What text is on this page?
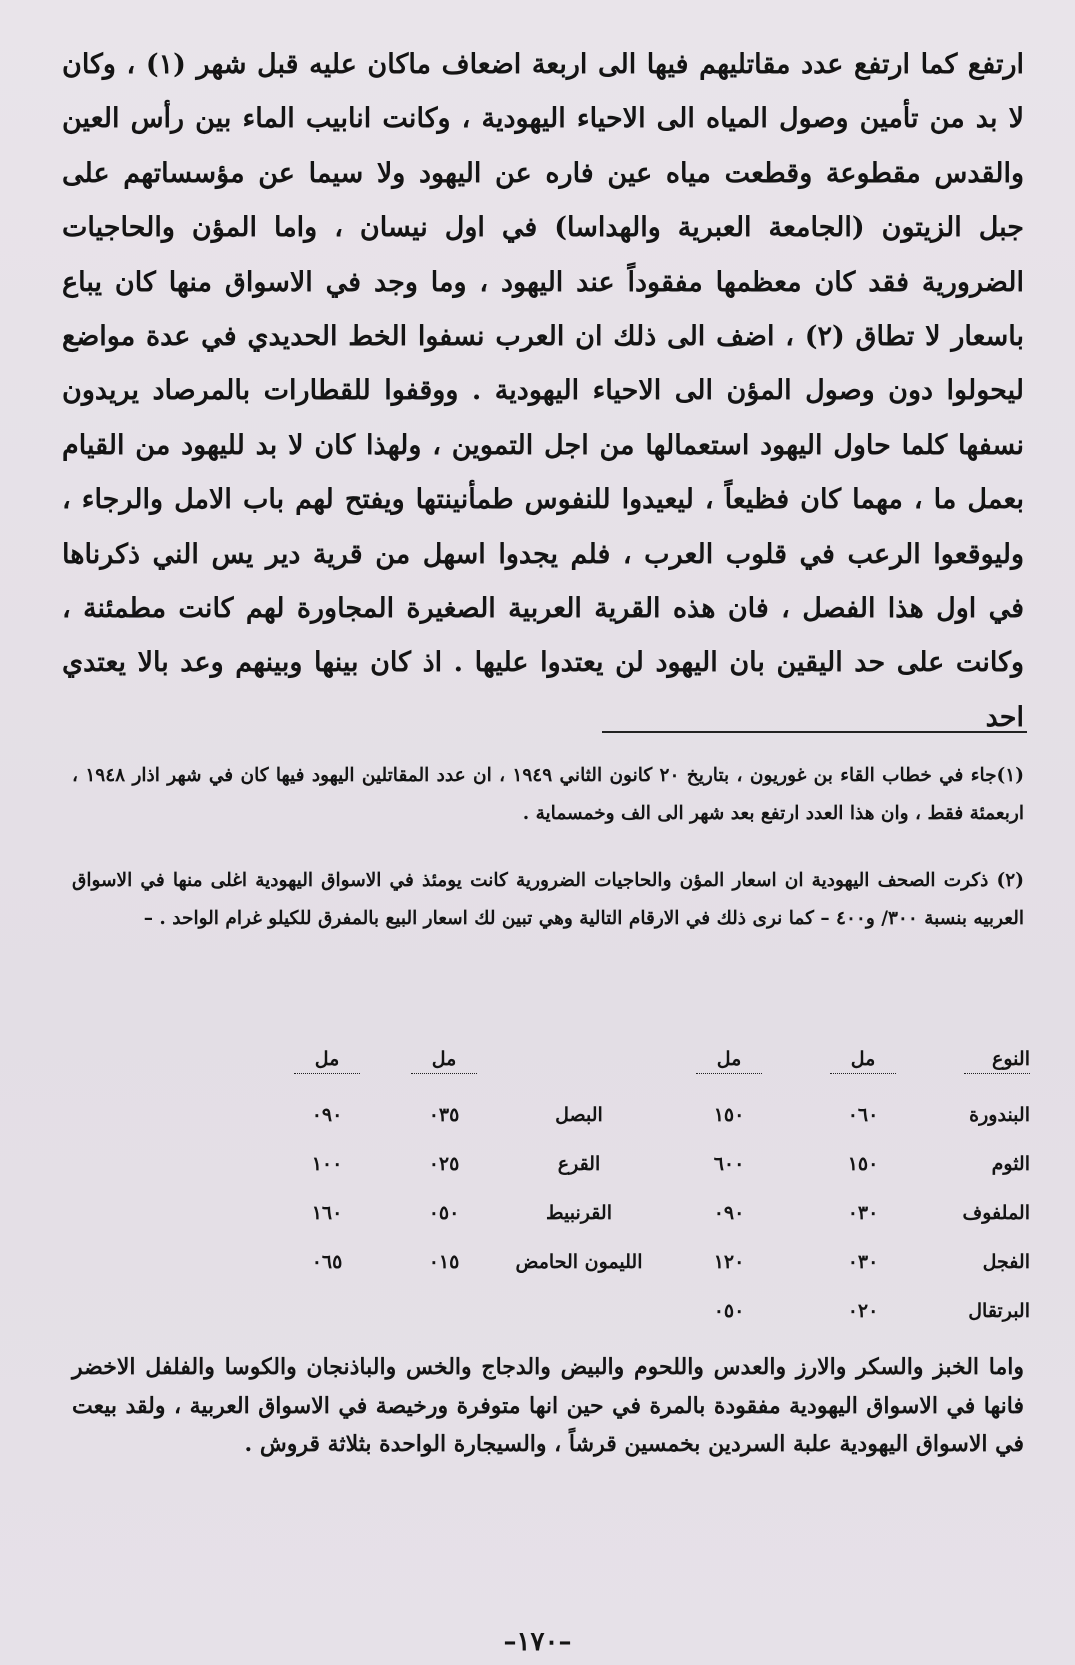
ارتفع كما ارتفع عدد مقاتليهم فيها الى اربعة اضعاف ماكان عليه قبل شهر (١) ، وكان لا بد من تأمين وصول المياه الى الاحياء اليهودية ، وكانت انابيب الماء بين رأس العين والقدس مقطوعة وقطعت مياه عين فاره عن اليهود ولا سيما عن مؤسساتهم على جبل الزيتون (الجامعة العبرية والهداسا) في اول نيسان ، واما المؤن والحاجيات الضرورية فقد كان معظمها مفقوداً عند اليهود ، وما وجد في الاسواق منها كان يباع باسعار لا تطاق (٢) ، اضف الى ذلك ان العرب نسفوا الخط الحديدي في عدة مواضع ليحولوا دون وصول المؤن الى الاحياء اليهودية . ووقفوا للقطارات بالمرصاد يريدون نسفها كلما حاول اليهود استعمالها من اجل التموين ، ولهذا كان لا بد لليهود من القيام بعمل ما ، مهما كان فظيعاً ، ليعيدوا للنفوس طمأنينتها ويفتح لهم باب الامل والرجاء ، وليوقعوا الرعب في قلوب العرب ، فلم يجدوا اسهل من قرية دير يس الني ذكرناها في اول هذا الفصل ، فان هذه القرية العربية الصغيرة المجاورة لهم كانت مطمئنة ، وكانت على حد اليقين بان اليهود لن يعتدوا عليها . اذ كان بينها وبينهم وعد بالا يعتدي احد

(١)جاء في خطاب القاء بن غوريون ، بتاريخ ٢٠ كانون الثاني ١٩٤٩ ، ان عدد المقاتلين اليهود فيها كان في شهر اذار ١٩٤٨ ، اربعمئة فقط ، وان هذا العدد ارتفع بعد شهر الى الف وخمسماية .

(٢) ذكرت الصحف اليهودية ان اسعار المؤن والحاجيات الضرورية كانت يومئذ في الاسواق اليهودية اغلى منها في الاسواق العربيه بنسبة ٣٠٠/ و٤٠٠ – كما نرى ذلك في الارقام التالية وهي تبين لك اسعار البيع بالمفرق للكيلو غرام الواحد . –

النوع	مل	مل		مل	مل
البندورة	٠٦٠	١٥٠	البصل	٠٣٥	٠٩٠
الثوم	١٥٠	٦٠٠	القرع	٠٢٥	١٠٠
الملفوف	٠٣٠	٠٩٠	القرنبيط	٠٥٠	١٦٠
الفجل	٠٣٠	١٢٠	الليمون الحامض	٠١٥	٠٦٥
البرتقال	٠٢٠	٠٥٠			

واما الخبز والسكر والارز والعدس واللحوم والبيض والدجاج والخس والباذنجان والكوسا والفلفل الاخضر فانها في الاسواق اليهودية مفقودة بالمرة في حين انها متوفرة ورخيصة في الاسواق العربية ، ولقد بيعت في الاسواق اليهودية علبة السردين بخمسين قرشاً ، والسيجارة الواحدة بثلاثة قروش .

–١٧٠–
